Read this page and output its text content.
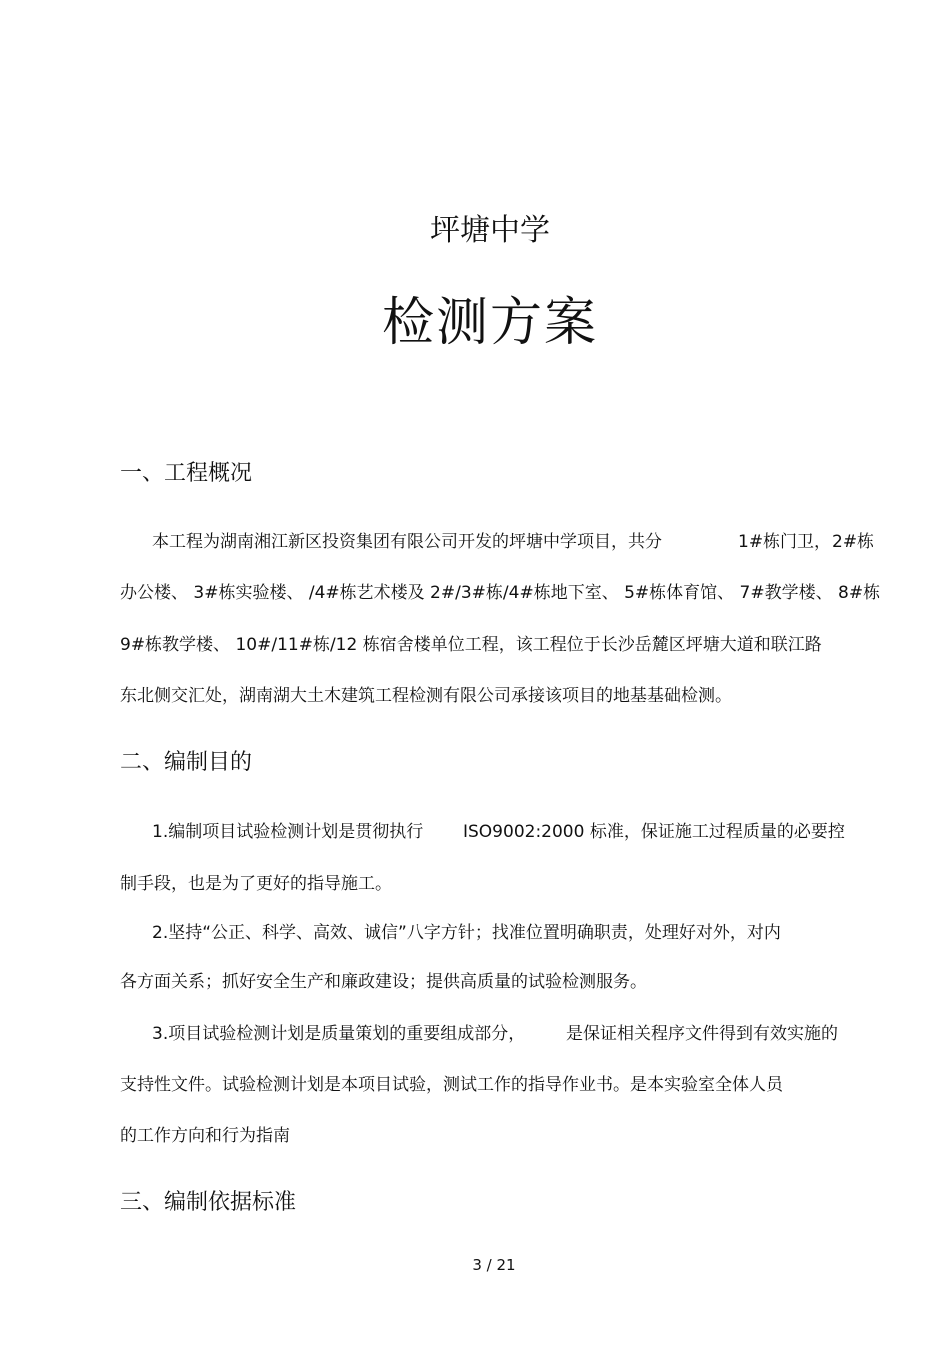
坪塘中学
检测方案
一、工程概况
本工程为湖南湘江新区投资集团有限公司开发的坪塘中学项目，共分	1#栋门卫， 2#栋
办公楼、 3#栋实验楼、 /4#栋艺术楼及 2#/3#栋/4#栋地下室、 5#栋体育馆、 7#教学楼、 8#栋
9#栋教学楼、 10#/11#栋/12 栋宿舍楼单位工程，该工程位于长沙岳麓区坪塘大道和联江路
东北侧交汇处，湖南湖大土木建筑工程检测有限公司承接该项目的地基基础检测。
二、编制目的
1.编制项目试验检测计划是贯彻执行 ISO9002:2000 标准，保证施工过程质量的必要控
制手段，也是为了更好的指导施工。
2.坚持“公正、科学、高效、诚信”八字方针；找准位置明确职责，处理好对外，对内
各方面关系；抓好安全生产和廉政建设；提供高质量的试验检测服务。
3.项目试验检测计划是质量策划的重要组成部分， 是保证相关程序文件得到有效实施的
支持性文件。试验检测计划是本项目试验，测试工作的指导作业书。是本实验室全体人员
的工作方向和行为指南
三、编制依据标准
3 / 21
